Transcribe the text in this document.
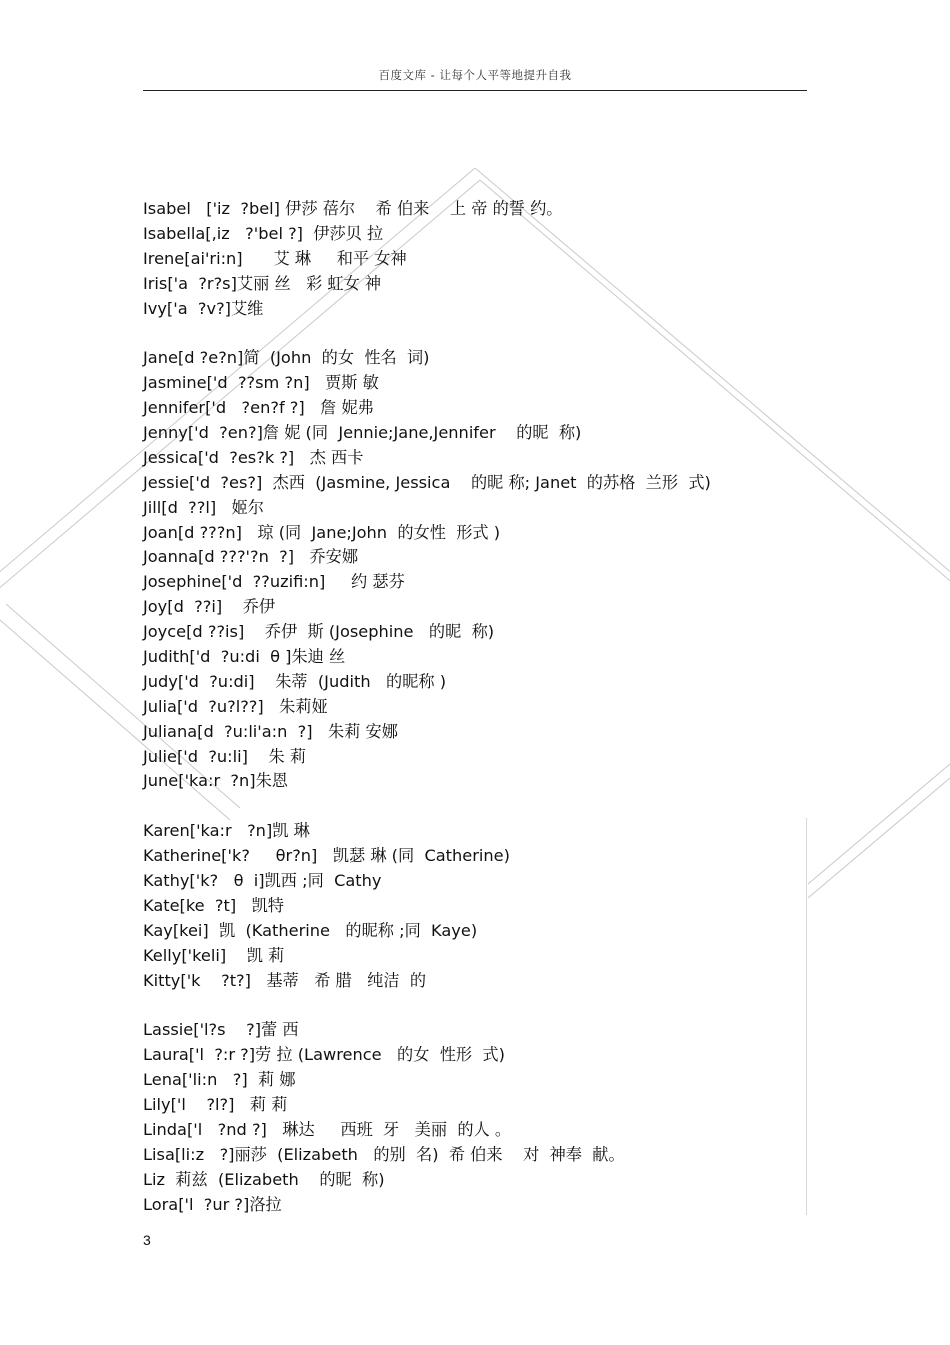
百度文库 - 让每个人平等地提升自我
Isabel   ['iz  ?bel] 伊莎 蓓尔    希 伯来    上 帝 的誓 约。
Isabella[,iz   ?'bel ?]  伊莎贝 拉
Irene[ai'ri:n]      艾 琳     和平 女神
Iris['a  ?r?s]艾丽 丝   彩 虹女 神
Ivy['a  ?v?]艾维
Jane[d ?e?n]简  (John  的女  性名  词)
Jasmine['d  ??sm ?n]   贾斯 敏
Jennifer['d   ?en?f ?]   詹 妮弗
Jenny['d  ?en?]詹 妮 (同  Jennie;Jane,Jennifer    的昵  称)
Jessica['d  ?es?k ?]   杰 西卡
Jessie['d  ?es?]  杰西  (Jasmine, Jessica    的昵 称; Janet  的苏格  兰形  式)
Jill[d  ??l]   姬尔
Joan[d ???n]   琼 (同  Jane;John  的女性  形式 )
Joanna[d ???'?n  ?]   乔安娜
Josephine['d  ??uzifi:n]     约 瑟芬
Joy[d  ??i]    乔伊
Joyce[d ??is]    乔伊  斯 (Josephine   的昵  称)
Judith['d  ?u:di  θ ]朱迪 丝
Judy['d  ?u:di]    朱蒂  (Judith   的昵称 )
Julia['d  ?u?l??]   朱莉娅
Juliana[d  ?u:li'a:n  ?]   朱莉 安娜
Julie['d  ?u:li]    朱 莉
June['ka:r  ?n]朱恩
Karen['ka:r   ?n]凯 琳
Katherine['k?     θr?n]   凯瑟 琳 (同  Catherine)
Kathy['k?   θ  i]凯西 ;同  Cathy
Kate[ke  ?t]   凯特
Kay[kei]  凯  (Katherine   的昵称 ;同  Kaye)
Kelly['keli]    凯 莉
Kitty['k    ?t?]   基蒂   希 腊   纯洁  的
Lassie['l?s    ?]蕾 西
Laura['l  ?:r ?]劳 拉 (Lawrence   的女  性形  式)
Lena['li:n   ?]  莉 娜
Lily['l    ?l?]   莉 莉
Linda['l   ?nd ?]   琳达     西班  牙   美丽  的人 。
Lisa[li:z   ?]丽莎  (Elizabeth   的别  名)  希 伯来    对  神奉  献。
Liz  莉兹  (Elizabeth    的昵  称)
Lora['l  ?ur ?]洛拉
3
